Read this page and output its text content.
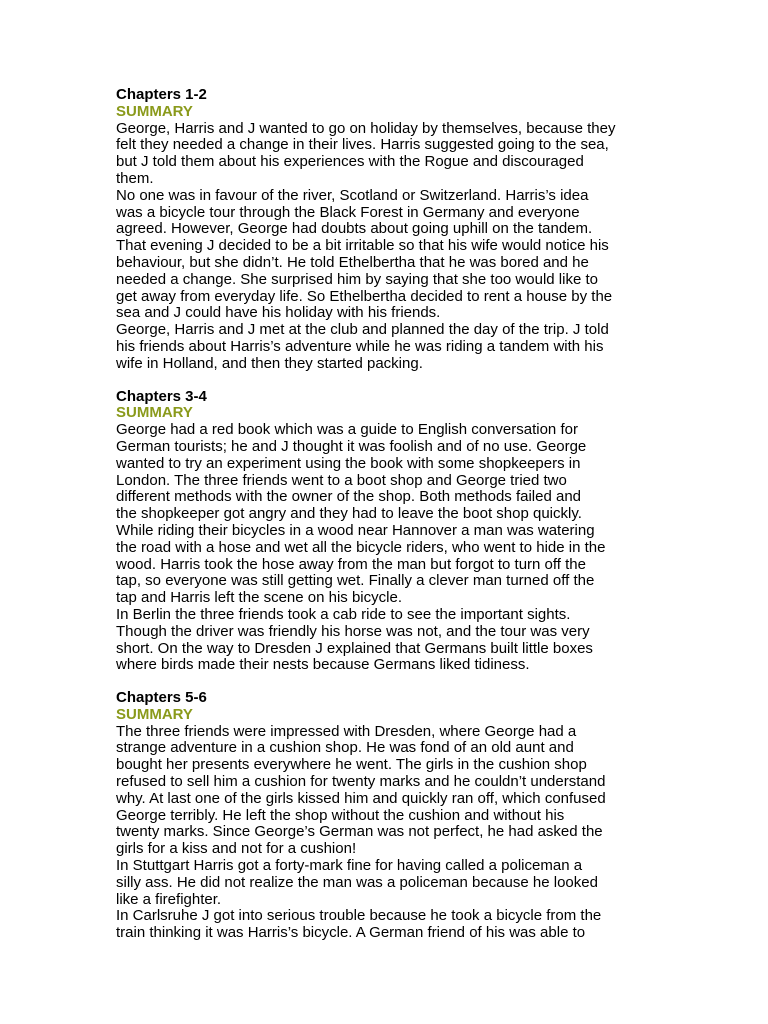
Chapters 1-2
SUMMARY
George, Harris and J wanted to go on holiday by themselves, because they
felt they needed a change in their lives. Harris suggested going to the sea,
but J told them about his experiences with the Rogue and discouraged
them.
No one was in favour of the river, Scotland or Switzerland. Harris’s idea
was a bicycle tour through the Black Forest in Germany and everyone
agreed. However, George had doubts about going uphill on the tandem.
That evening J decided to be a bit irritable so that his wife would notice his
behaviour, but she didn’t. He told Ethelbertha that he was bored and he
needed a change. She surprised him by saying that she too would like to
get away from everyday life. So Ethelbertha decided to rent a house by the
sea and J could have his holiday with his friends.
George, Harris and J met at the club and planned the day of the trip. J told
his friends about Harris’s adventure while he was riding a tandem with his
wife in Holland, and then they started packing.
Chapters 3-4
SUMMARY
George had a red book which was a guide to English conversation for
German tourists; he and J thought it was foolish and of no use. George
wanted to try an experiment using the book with some shopkeepers in
London. The three friends went to a boot shop and George tried two
different methods with the owner of the shop. Both methods failed and
the shopkeeper got angry and they had to leave the boot shop quickly.
While riding their bicycles in a wood near Hannover a man was watering
the road with a hose and wet all the bicycle riders, who went to hide in the
wood. Harris took the hose away from the man but forgot to turn off the
tap, so everyone was still getting wet. Finally a clever man turned off the
tap and Harris left the scene on his bicycle.
In Berlin the three friends took a cab ride to see the important sights.
Though the driver was friendly his horse was not, and the tour was very
short. On the way to Dresden J explained that Germans built little boxes
where birds made their nests because Germans liked tidiness.
Chapters 5-6
SUMMARY
The three friends were impressed with Dresden, where George had a
strange adventure in a cushion shop. He was fond of an old aunt and
bought her presents everywhere he went. The girls in the cushion shop
refused to sell him a cushion for twenty marks and he couldn’t understand
why. At last one of the girls kissed him and quickly ran off, which confused
George terribly. He left the shop without the cushion and without his
twenty marks. Since George’s German was not perfect, he had asked the
girls for a kiss and not for a cushion!
In Stuttgart Harris got a forty-mark fine for having called a policeman a
silly ass. He did not realize the man was a policeman because he looked
like a firefighter.
In Carlsruhe J got into serious trouble because he took a bicycle from the
train thinking it was Harris’s bicycle. A German friend of his was able to
